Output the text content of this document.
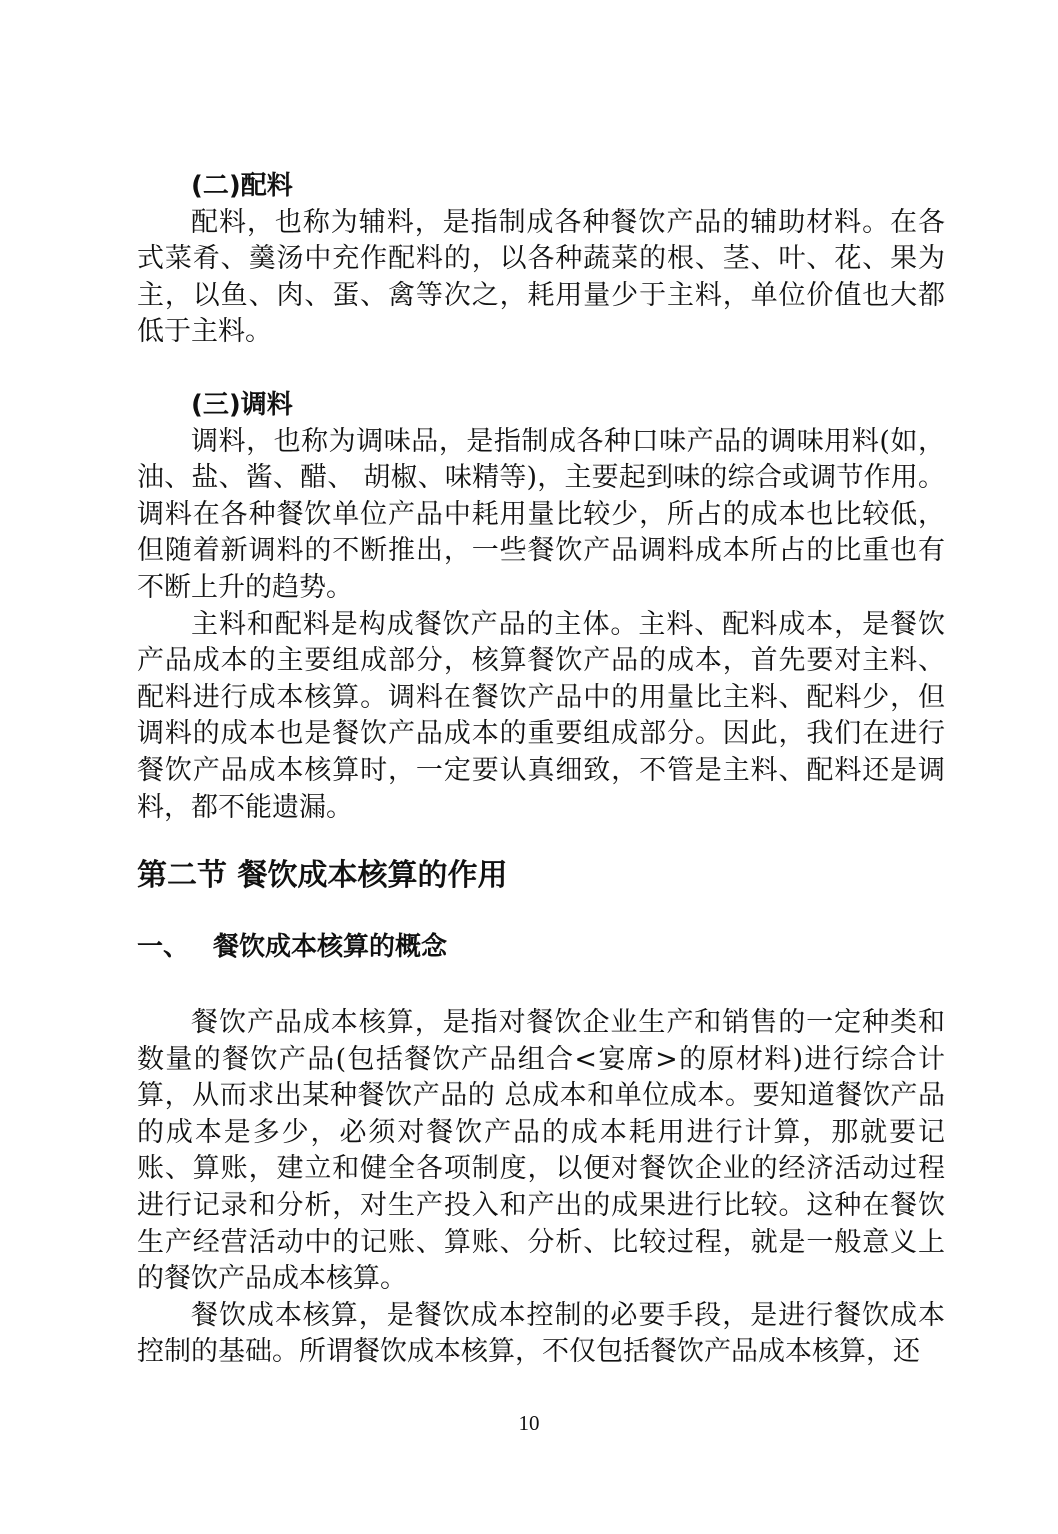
(二)配料

配料，也称为辅料，是指制成各种餐饮产品的辅助材料。在各式菜肴、羹汤中充作配料的，以各种蔬菜的根、茎、叶、花、果为主，以鱼、肉、蛋、禽等次之，耗用量少于主料，单位价值也大都低于主料。

(三)调料

调料，也称为调味品，是指制成各种口味产品的调味用料(如，油、盐、酱、醋、 胡椒、味精等)，主要起到味的综合或调节作用。调料在各种餐饮单位产品中耗用量比较少，所占的成本也比较低，但随着新调料的不断推出，一些餐饮产品调料成本所占的比重也有不断上升的趋势。

主料和配料是构成餐饮产品的主体。主料、配料成本，是餐饮产品成本的主要组成部分，核算餐饮产品的成本，首先要对主料、配料进行成本核算。调料在餐饮产品中的用量比主料、配料少，但调料的成本也是餐饮产品成本的重要组成部分。因此，我们在进行餐饮产品成本核算时，一定要认真细致，不管是主料、配料还是调料，都不能遗漏。

第二节 餐饮成本核算的作用
一、 餐饮成本核算的概念

餐饮产品成本核算，是指对餐饮企业生产和销售的一定种类和数量的餐饮产品(包括餐饮产品组合<宴席>的原材料)进行综合计算，从而求出某种餐饮产品的 总成本和单位成本。要知道餐饮产品的成本是多少，必须对餐饮产品的成本耗用进行计算，那就要记账、算账，建立和健全各项制度，以便对餐饮企业的经济活动过程进行记录和分析，对生产投入和产出的成果进行比较。这种在餐饮生产经营活动中的记账、算账、分析、比较过程，就是一般意义上的餐饮产品成本核算。

餐饮成本核算，是餐饮成本控制的必要手段，是进行餐饮成本控制的基础。所谓餐饮成本核算，不仅包括餐饮产品成本核算，还

10
